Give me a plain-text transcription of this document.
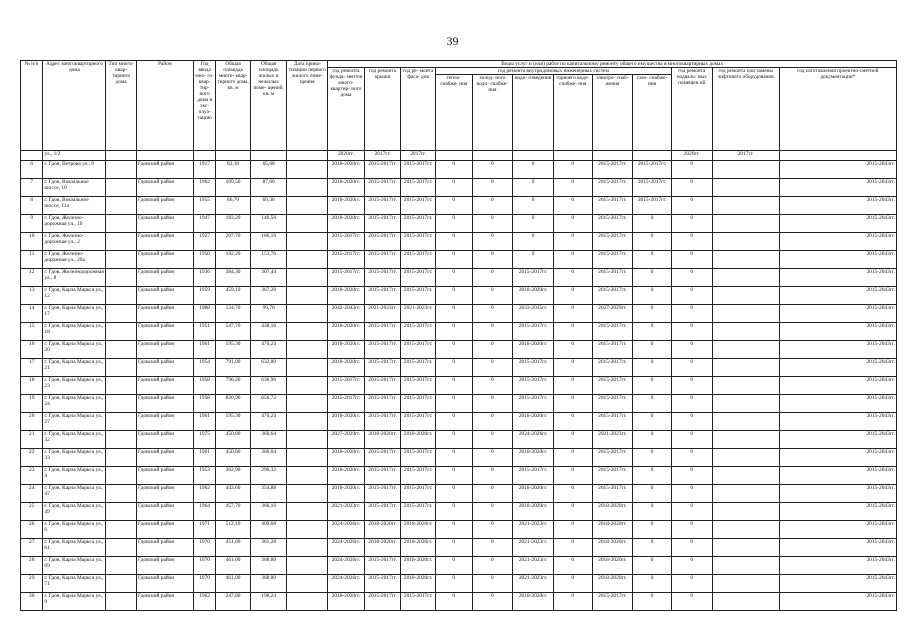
39
№ п/п	Адрес многоквартирного дома	Тип много- квар- тирного дома	Район	Год ввода мно- го- квар- тир- ного дома в экс- плуа- тацию	Общая площадь много- квар- тирного дома, кв. м	Общая площадь жилых и нежилых поме- щений, кв. м	Дата привa- тизации первого жилого поме- щения	Виды услуг и (или) работ по капитальному ремонту общего имущества в многоквартирных домах											
								год ремонта фунда- ментов много- квартир- ного дома	год ремонта крыши	год ре- монта фаса- дов	год ремонта внутридомовых инженерных систем						год ремонта подваль- ных помещен ий	год ремонта или замены лифтового оборудования	год изготовления проектно-сметной документации*
											тепло- снабже- ния	холод- ного водо- снабже- ния	водо- отведения	горячего водо- снабже- ния	электро- снаб- жения	газо- снабже- ния			
	ул., 1/2							2020гг.	2017гг.	2017гг.							2020гг.	2017гг.	
6	г. Гдов, Ветрова ул., 9		Гдовский район	1917	82,10	65,68		2018-2020гг.	2015-2017гг.	2015-2017гг.	0	0	0	0	2015-2017гг.	2015-2017гг.	0		2015-2043гг.
7	г. Гдов, Вокзальное шоссе, 10		Гдовский район	1962	109,50	87,60		2018-2020гг.	2015-2017гг.	2015-2017гг.	0	0	0	0	2015-2017гг.	2015-2017гг.	0		2015-2043гг.
8	г. Гдов, Вокзальное шоссе, 11а		Гдовский район	1955	86,70	69,36		2018-2020гг.	2015-2017гг.	2015-2017гг.	0	0	0	0	2015-2017гг.	2015-2017гг.	0		2015-2043гг.
9	г. Гдов, Железно- дорожная ул., 10		Гдовский район	1947	183,20	146,56		2018-2020гг.	2015-2017гг.	2015-2017гг.	0	0	0	0	2015-2017гг.	0	0		2015-2043гг.
10	г. Гдов, Железно- дорожная ул., 2		Гдовский район	1927	207,70	166,16		2015-2017гг.	2015-2017гг.	2015-2017гг.	0	0	0	0	2015-2017гг.	0	0		2015-2043гг.
11	г. Гдов, Железно- дорожная ул., 20а		Гдовский район	1950	192,20	153,76		2015-2017гг.	2015-2017гг.	2015-2017гг.	0	0	0	0	2015-2017гг.	0	0		2015-2043гг.
12	г. Гдов, Железнодорожная ул., 8		Гдовский район	1936	384,30	307,44		2015-2017гг.	2015-2017гг.	2015-2017гг.	0	0	2015-2017гг.	0	2015-2017гг.	0	0		2015-2043гг.
13	г. Гдов, Карла Маркса ул., 12		Гдовский район	1959	459,10	367,28		2018-2020гг.	2015-2017гг.	2015-2017гг.	0	0	2018-2020гг.	0	2015-2017гг.	0	0		2015-2043гг.
14	г. Гдов, Карла Маркса ул., 17		Гдовский район	1988	124,70	99,76		2042-2043гг.	2021-2023гг.	2021-2023гг.	0	0	2033-2035гг.	0	2027-2029гг.	0	0		2015-2043гг.
15	г. Гдов, Карла Маркса ул., 18		Гдовский район	1951	547,70	438,16		2018-2020гг.	2015-2017гг.	2015-2017гг.	0	0	2015-2017гг.	0	2015-2017гг.	0	0		2015-2043гг.
16	г. Гдов, Карла Маркса ул., 20		Гдовский район	1961	595,30	476,24		2018-2020гг.	2015-2017гг.	2015-2017гг.	0	0	2018-2020гг.	0	2015-2017гг.	0	0		2015-2043гг.
17	г. Гдов, Карла Маркса ул., 21		Гдовский район	1954	791,00	632,80		2018-2020гг.	2015-2017гг.	2015-2017гг.	0	0	2015-2017гг.	0	2015-2017гг.	0	0		2015-2043гг.
18	г. Гдов, Карла Маркса ул., 23		Гдовский район	1958	796,20	636,96		2015-2017гг.	2015-2017гг.	2015-2017гг.	0	0	2015-2017гг.	0	2015-2017гг.	0	0		2015-2043гг.
19	г. Гдов, Карла Маркса ул., 24		Гдовский район	1958	820,90	656,72		2015-2017гг.	2015-2017гг.	2015-2017гг.	0	0	2015-2017гг.	0	2015-2017гг.	0	0		2015-2043гг.
20	г. Гдов, Карла Маркса ул., 27		Гдовский район	1961	595,30	476,24		2018-2020гг.	2015-2017гг.	2015-2017гг.	0	0	2018-2020гг.	0	2015-2017гг.	0	0		2015-2043гг.
21	г. Гдов, Карла Маркса ул., 32		Гдовский район	1975	450,80	360,64		2027-2029гг.	2018-2020гг.	2018-2020гг.	0	0	2024-2026гг.	0	2021-2023гг.	0	0		2015-2043гг.
22	г. Гдов, Карла Маркса ул., 33		Гдовский район	1961	450,80	360,64		2018-2020гг.	2015-2017гг.	2015-2017гг.	0	0	2018-2020гг.	0	2015-2017гг.	0	0		2015-2043гг.
23	г. Гдов, Карла Маркса ул., 4		Гдовский район	1953	362,90	290,32		2018-2020гг.	2015-2017гг.	2015-2017гг.	0	0	2015-2017гг.	0	2015-2017гг.	0	0		2015-2043гг.
24	г. Гдов, Карла Маркса ул., 47		Гдовский район	1962	443,60	354,88		2018-2020гг.	2015-2017гг.	2015-2017гг.	0	0	2018-2020гг.	0	2015-2017гг.	0	0		2015-2043гг.
25	г. Гдов, Карла Маркса ул., 49		Гдовский район	1964	457,70	366,16		2021-2023гг.	2015-2017гг.	2015-2017гг.	0	0	2018-2020гг.	0	2018-2020гг.	0	0		2015-2043гг.
26	г. Гдов, Карла Маркса ул., 6		Гдовский район	1971	512,10	409,68		2024-2026гг.	2018-2020гг.	2018-2020гг.	0	0	2021-2023гг.	0	2018-2020гг.	0	0		2015-2043гг.
27	г. Гдов, Карла Маркса ул., 61		Гдовский район	1970	451,60	361,28		2024-2026гг.	2018-2020гг.	2018-2020гг.	0	0	2021-2023гг.	0	2018-2020гг.	0	0		2015-2043гг.
28	г. Гдов, Карла Маркса ул., 69		Гдовский район	1970	461,00	368,80		2024-2026гг.	2015-2017гг.	2018-2020гг.	0	0	2021-2023гг.	0	2018-2020гг.	0	0		2015-2043гг.
29	г. Гдов, Карла Маркса ул., 71		Гдовский район	1970	461,00	368,80		2024-2026гг.	2015-2017гг.	2018-2020гг.	0	0	2021-2023гг.	0	2018-2020гг.	0	0		2015-2043гг.
30	г. Гдов, Карла Маркса ул., 9		Гдовский район	1962	247,80	198,24		2018-2020гг.	2015-2017гг.	2015-2017гг.	0	0	2018-2020гг.	0	2015-2017гг.	0	0		2015-2043гг.
